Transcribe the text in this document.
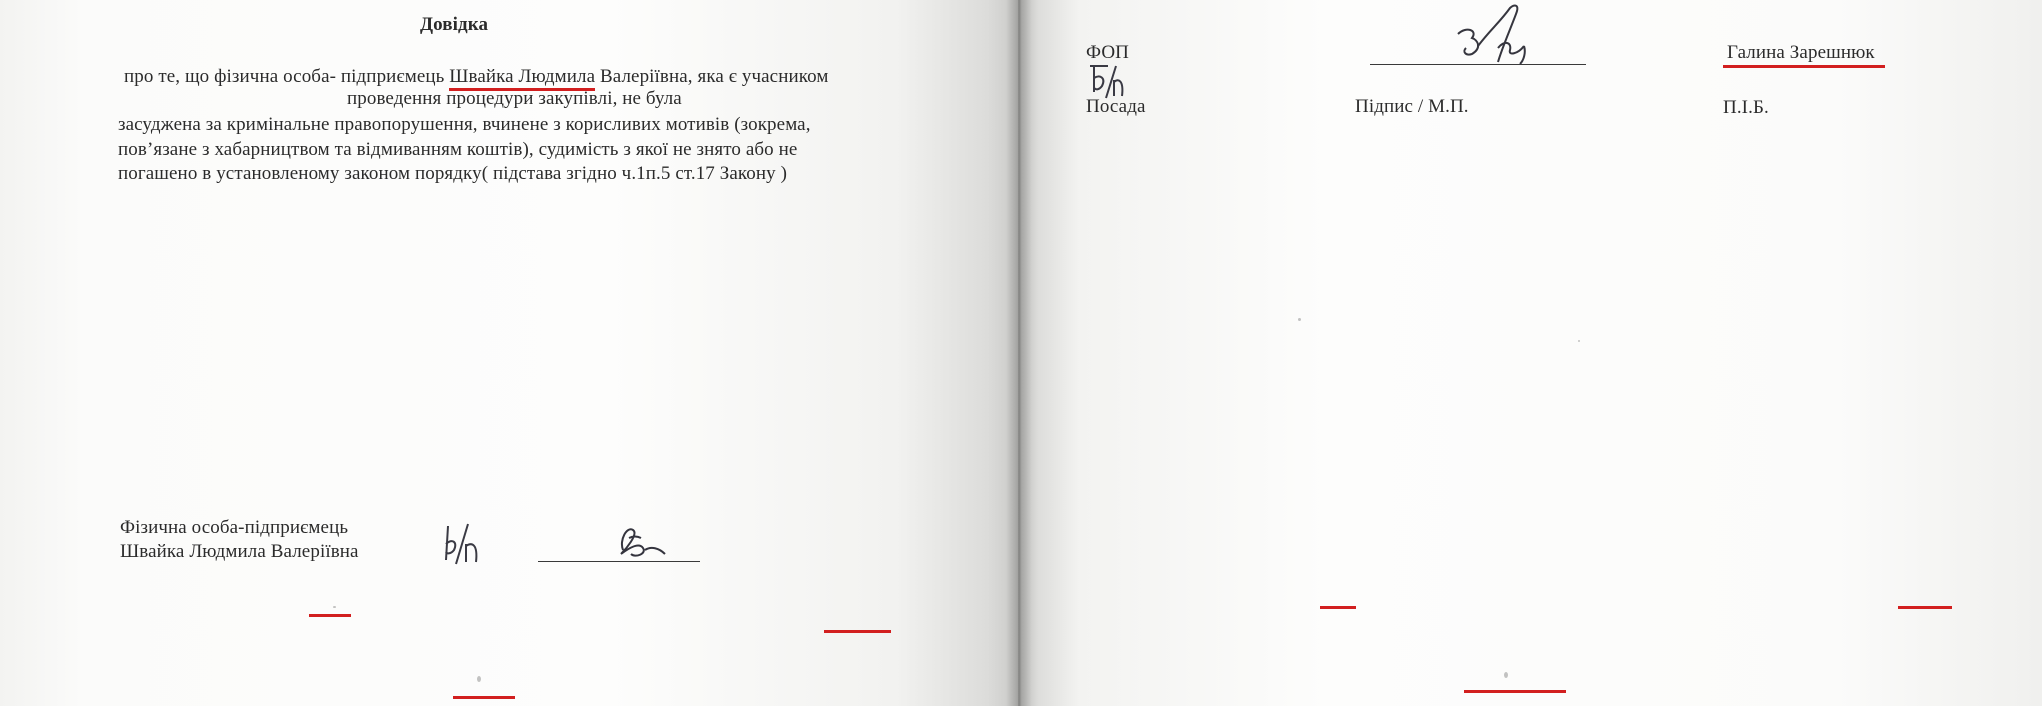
Довідка
про те, що фізична особа- підприємець Швайка Людмила Валеріївна, яка є учасником
проведення процедури закупівлі, не була
засуджена за кримінальне правопорушення, вчинене з корисливих мотивів (зокрема,
пов’язане з хабарництвом та відмиванням коштів), судимість з якої не знято або не
погашено в установленому законом порядку( підстава згідно ч.1п.5 ст.17 Закону )
Фізична особа-підприємець
Швайка Людмила Валеріївна
ФОП
Посада	Підпис / М.П.
Галина Зарешнюк
П.І.Б.
